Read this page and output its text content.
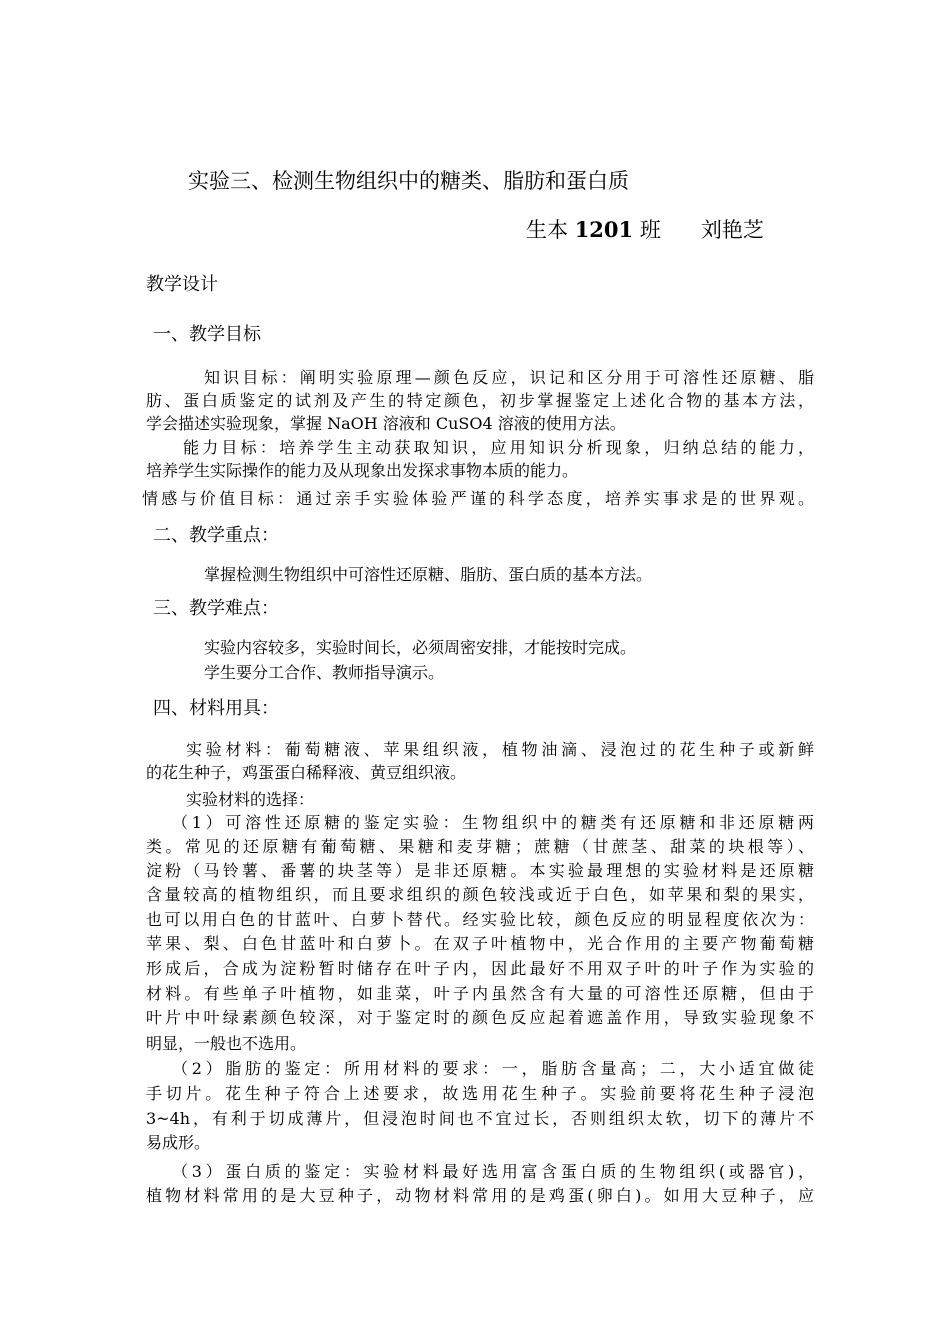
实验三、检测生物组织中的糖类、脂肪和蛋白质
生本 1201 班 刘艳芝
教学设计
一、教学目标
知识目标：阐明实验原理—颜色反应，识记和区分用于可溶性还原糖、脂
肪、蛋白质鉴定的试剂及产生的特定颜色，初步掌握鉴定上述化合物的基本方法，
学会描述实验现象，掌握 NaOH 溶液和 CuSO4 溶液的使用方法。
能力目标：培养学生主动获取知识，应用知识分析现象，归纳总结的能力，
培养学生实际操作的能力及从现象出发探求事物本质的能力。
情感与价值目标：通过亲手实验体验严谨的科学态度，培养实事求是的世界观。
二、教学重点：
掌握检测生物组织中可溶性还原糖、脂肪、蛋白质的基本方法。
三、教学难点：
实验内容较多，实验时间长，必须周密安排，才能按时完成。
学生要分工合作、教师指导演示。
四、材料用具：
实验材料：葡萄糖液、苹果组织液，植物油滴、浸泡过的花生种子或新鲜
的花生种子，鸡蛋蛋白稀释液、黄豆组织液。
实验材料的选择：
（1）可溶性还原糖的鉴定实验：生物组织中的糖类有还原糖和非还原糖两
类。常见的还原糖有葡萄糖、果糖和麦芽糖；蔗糖（甘蔗茎、甜菜的块根等）、
淀粉（马铃薯、番薯的块茎等）是非还原糖。本实验最理想的实验材料是还原糖
含量较高的植物组织，而且要求组织的颜色较浅或近于白色，如苹果和梨的果实，
也可以用白色的甘蓝叶、白萝卜替代。经实验比较，颜色反应的明显程度依次为：
苹果、梨、白色甘蓝叶和白萝卜。在双子叶植物中，光合作用的主要产物葡萄糖
形成后，合成为淀粉暂时储存在叶子内，因此最好不用双子叶的叶子作为实验的
材料。有些单子叶植物，如韭菜，叶子内虽然含有大量的可溶性还原糖，但由于
叶片中叶绿素颜色较深，对于鉴定时的颜色反应起着遮盖作用，导致实验现象不
明显，一般也不选用。
（2）脂肪的鉴定：所用材料的要求：一，脂肪含量高；二，大小适宜做徒
手切片。花生种子符合上述要求，故选用花生种子。实验前要将花生种子浸泡
3~4h，有利于切成薄片，但浸泡时间也不宜过长，否则组织太软，切下的薄片不
易成形。
（3）蛋白质的鉴定：实验材料最好选用富含蛋白质的生物组织(或器官)，
植物材料常用的是大豆种子，动物材料常用的是鸡蛋(卵白)。如用大豆种子，应
